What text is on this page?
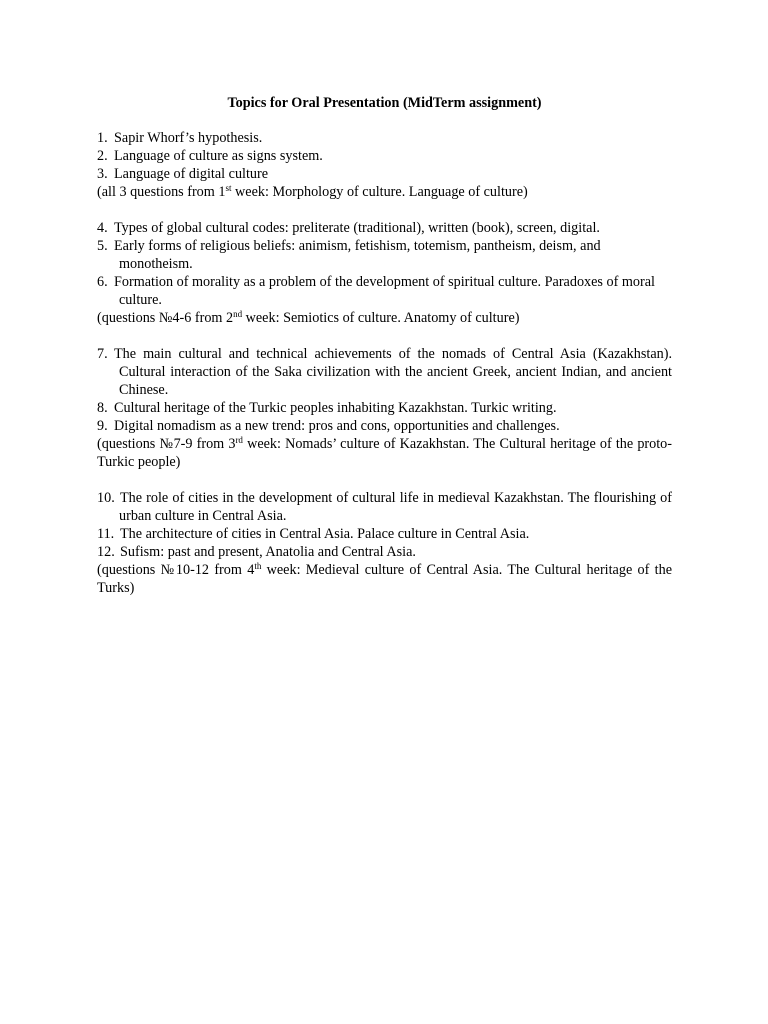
Topics for Oral Presentation (MidTerm assignment)

1. Sapir Whorf’s hypothesis.

2. Language of culture as signs system.

3. Language of digital culture

(all 3 questions from 1st week: Morphology of culture. Language of culture)

4. Types of global cultural codes: preliterate (traditional), written (book), screen, digital.

5. Early forms of religious beliefs: animism, fetishism, totemism, pantheism, deism, and monotheism.

6. Formation of morality as a problem of the development of spiritual culture. Paradoxes of moral culture.

(questions №4-6 from 2nd week: Semiotics of culture. Anatomy of culture)

7. The main cultural and technical achievements of the nomads of Central Asia (Kazakhstan). Cultural interaction of the Saka civilization with the ancient Greek, ancient Indian, and ancient Chinese.

8. Cultural heritage of the Turkic peoples inhabiting Kazakhstan. Turkic writing.

9. Digital nomadism as a new trend: pros and cons, opportunities and challenges.

(questions №7-9 from 3rd week: Nomads’ culture of Kazakhstan. The Cultural heritage of the proto-Turkic people)

10. The role of cities in the development of cultural life in medieval Kazakhstan. The flourishing of urban culture in Central Asia.

11. The architecture of cities in Central Asia. Palace culture in Central Asia.

12. Sufism: past and present, Anatolia and Central Asia.

(questions №10-12 from 4th week: Medieval culture of Central Asia. The Cultural heritage of the Turks)
